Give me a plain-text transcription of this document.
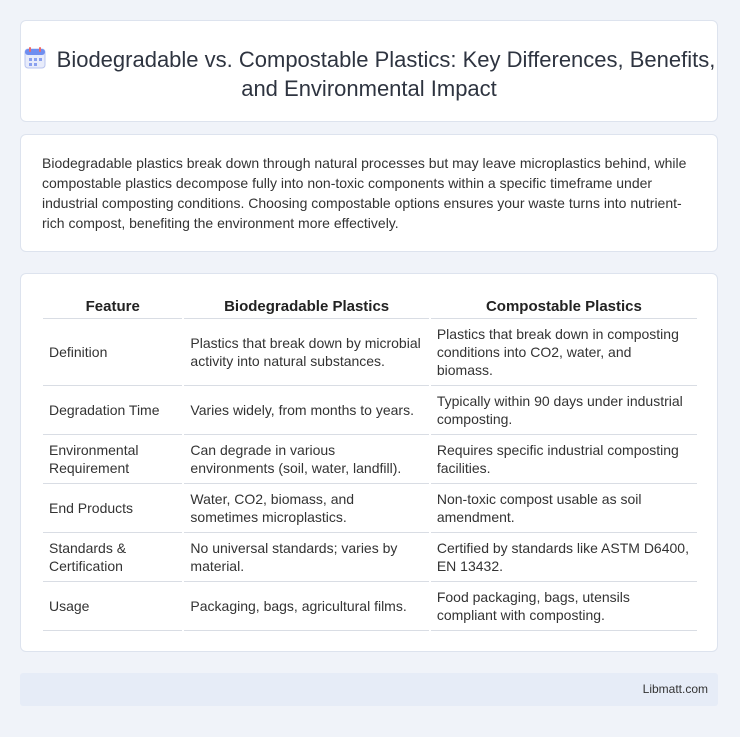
Biodegradable vs. Compostable Plastics: Key Differences, Benefits, and Environmental Impact
Biodegradable plastics break down through natural processes but may leave microplastics behind, while compostable plastics decompose fully into non-toxic components within a specific timeframe under industrial composting conditions. Choosing compostable options ensures your waste turns into nutrient-rich compost, benefiting the environment more effectively.
Feature	Biodegradable Plastics	Compostable Plastics
Definition	Plastics that break down by microbial activity into natural substances.	Plastics that break down in composting conditions into CO2, water, and biomass.
Degradation Time	Varies widely, from months to years.	Typically within 90 days under industrial composting.
Environmental Requirement	Can degrade in various environments (soil, water, landfill).	Requires specific industrial composting facilities.
End Products	Water, CO2, biomass, and sometimes microplastics.	Non-toxic compost usable as soil amendment.
Standards & Certification	No universal standards; varies by material.	Certified by standards like ASTM D6400, EN 13432.
Usage	Packaging, bags, agricultural films.	Food packaging, bags, utensils compliant with composting.
Libmatt.com
